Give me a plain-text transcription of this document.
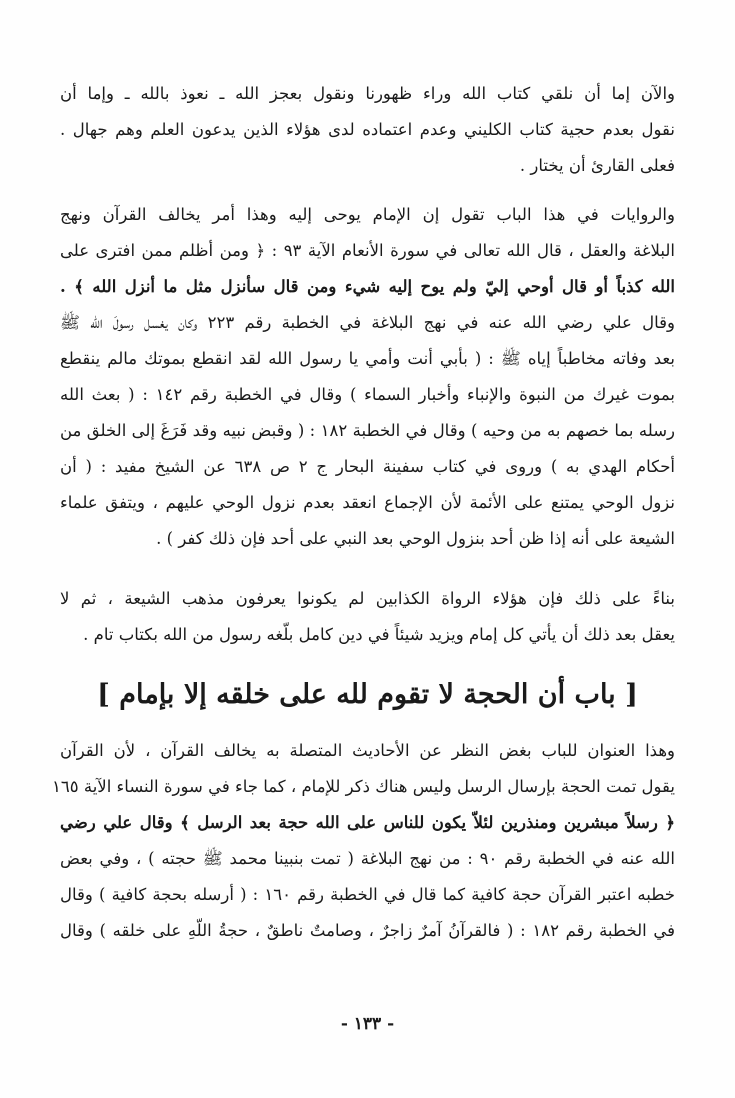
والآن إما أن نلقي كتاب الله وراء ظهورنا ونقول بعجز الله ـ نعوذ بالله ـ وإما أن
نقول بعدم حجية كتاب الكليني وعدم اعتماده لدى هؤلاء الذين يدعون العلم وهم جهال .
فعلى القارئ أن يختار .
والروايات في هذا الباب تقول إن الإمام يوحى إليه وهذا أمر يخالف القرآن ونهج
البلاغة والعقل ، قال الله تعالى في سورة الأنعام الآية ٩٣ : ﴿ ومن أظلم ممن افترى على
الله كذباً أو قال أوحي إليّ ولم يوح إليه شيء ومن قال سأنزل مثل ما أنزل الله ﴾ .
وقال علي رضي الله عنه في نهج البلاغة في الخطبة رقم ٢٢٣ وكان يغسل رسولَ الله ﷺ
بعد وفاته مخاطباً إياه ﷺ : ( بأبي أنت وأمي يا رسول الله لقد انقطع بموتك مالم ينقطع
بموت غيرك من النبوة والإنباء وأخبار السماء ) وقال في الخطبة رقم ١٤٢ : ( بعث الله
رسله بما خصهم به من وحيه ) وقال في الخطبة ١٨٢ : ( وقبض نبيه وقد فَرَغَ إلى الخلق من
أحكام الهدي به ) وروى في كتاب سفينة البحار ج ٢ ص ٦٣٨ عن الشيخ مفيد : ( أن
نزول الوحي يمتنع على الأئمة لأن الإجماع انعقد بعدم نزول الوحي عليهم ، ويتفق علماء
الشيعة على أنه إذا ظن أحد بنزول الوحي بعد النبي على أحد فإن ذلك كفر ) .
بناءً على ذلك فإن هؤلاء الرواة الكذابين لم يكونوا يعرفون مذهب الشيعة ، ثم لا
يعقل بعد ذلك أن يأتي كل إمام ويزيد شيئاً في دين كامل بلّغه رسول من الله بكتاب تام .
[ باب أن الحجة لا تقوم لله على خلقه إلا بإمام ]
وهذا العنوان للباب بغض النظر عن الأحاديث المتصلة به يخالف القرآن ، لأن القرآن
يقول تمت الحجة بإرسال الرسل وليس هناك ذكر للإمام ، كما جاء في سورة النساء الآية ١٦٥
﴿ رسلاً مبشرين ومنذرين لئلاّ يكون للناس على الله حجة بعد الرسل ﴾ وقال علي رضي
الله عنه في الخطبة رقم ٩٠ : من نهج البلاغة ( تمت بنبينا محمد ﷺ حجته ) ، وفي بعض
خطبه اعتبر القرآن حجة كافية كما قال في الخطبة رقم ١٦٠ : ( أرسله بحجة كافية ) وقال
في الخطبة رقم ١٨٢ : ( فالقرآنُ آمرٌ زاجرٌ ، وصامتٌ ناطقٌ ، حجةُ اللّهِ على خلقه ) وقال
- ١٣٣ -
